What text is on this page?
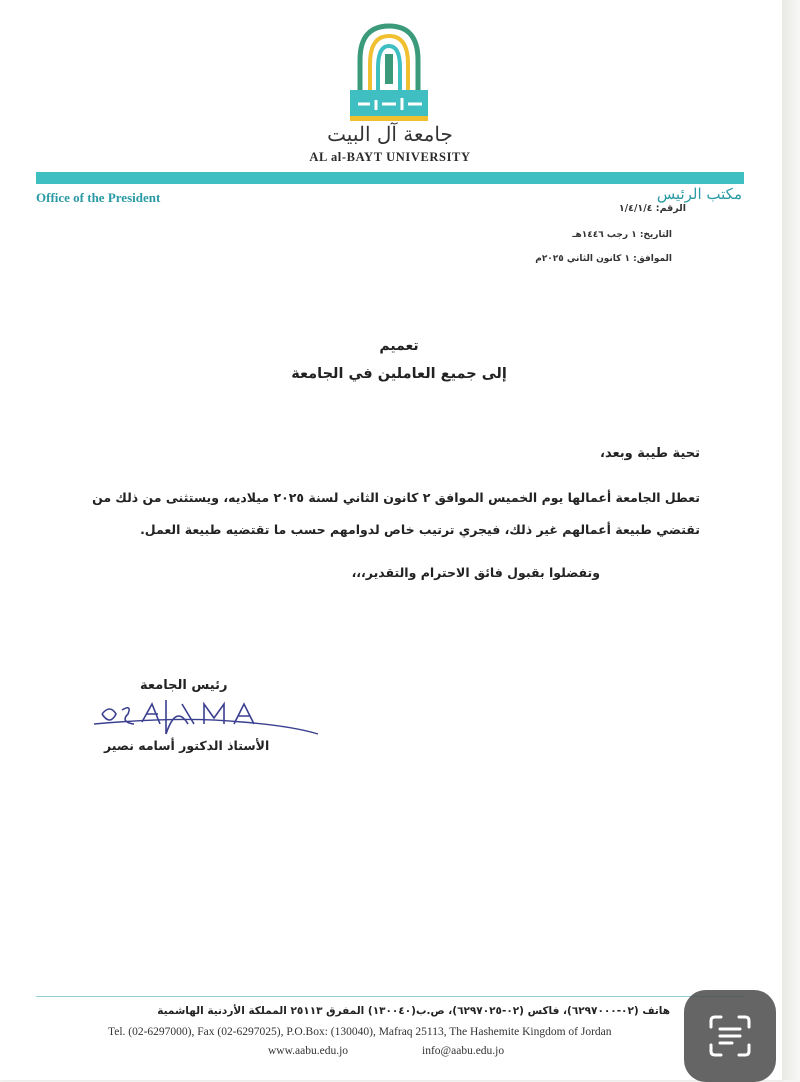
جامعة آل البيت
AL al-BAYT UNIVERSITY
Office of the President	مكتب الرئيس
الرقم: ١/٤/١/٤
التاريخ: ١ رجب ١٤٤٦هـ
الموافق: ١ كانون الثاني ٢٠٢٥م
تعميم
إلى جميع العاملين في الجامعة
تحية طيبة وبعد،
تعطل الجامعة أعمالها يوم الخميس الموافق ٢ كانون الثاني لسنة ٢٠٢٥ ميلاديه، ويستثنى من ذلك من
تقتضي طبيعة أعمالهم غير ذلك، فيجري ترتيب خاص لدوامهم حسب ما تقتضيه طبيعة العمل.
وتفضلوا بقبول فائق الاحترام والتقدير،،،
رئيس الجامعة
الأستاذ الدكتور أسامه نصير
هاتف (٠٢-٦٢٩٧٠٠٠)، فاكس (٠٢-٦٢٩٧٠٢٥)، ص.ب(١٣٠٠٤٠) المفرق ٢٥١١٣ المملكة الأردنية الهاشمية
Tel. (02-6297000), Fax (02-6297025), P.O.Box: (130040), Mafraq 25113, The Hashemite Kingdom of Jordan
www.aabu.edu.jo	info@aabu.edu.jo
